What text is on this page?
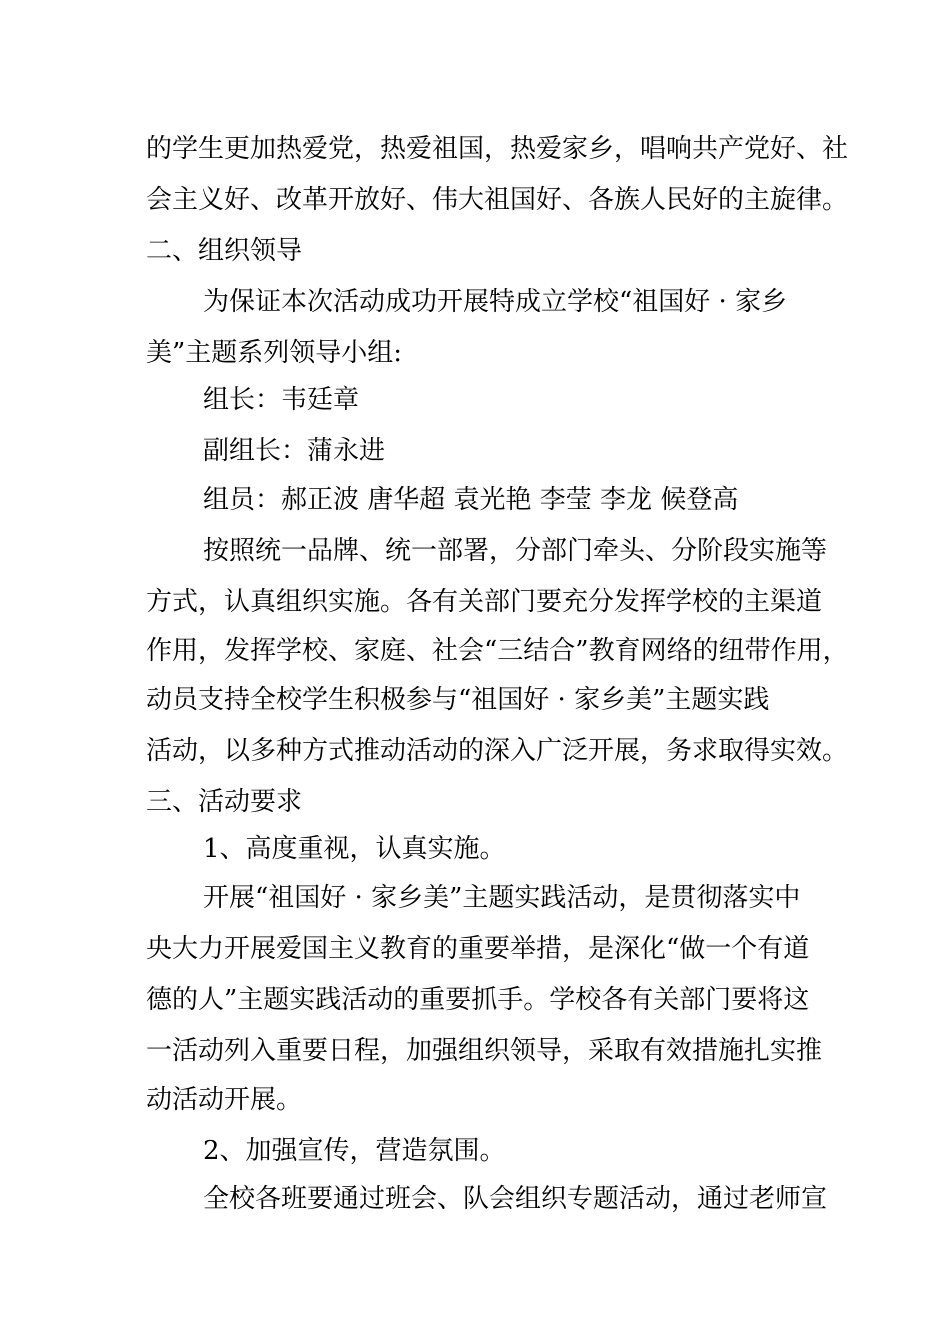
的学生更加热爱党，热爱祖国，热爱家乡，唱响共产党好、社
会主义好、改革开放好、伟大祖国好、各族人民好的主旋律。
二、组织领导
为保证本次活动成功开展特成立学校“祖国好 · 家乡
美”主题系列领导小组:
组长：韦廷章
副组长：蒲永进
组员：郝正波 唐华超 袁光艳 李莹 李龙 候登高
按照统一品牌、统一部署，分部门牵头、分阶段实施等
方式，认真组织实施。各有关部门要充分发挥学校的主渠道
作用，发挥学校、家庭、社会“三结合”教育网络的纽带作用，
动员支持全校学生积极参与“祖国好 · 家乡美”主题实践
活动，以多种方式推动活动的深入广泛开展，务求取得实效。
三、活动要求
1、高度重视，认真实施。
开展“祖国好 · 家乡美”主题实践活动，是贯彻落实中
央大力开展爱国主义教育的重要举措，是深化“做一个有道
德的人”主题实践活动的重要抓手。学校各有关部门要将这
一活动列入重要日程，加强组织领导，采取有效措施扎实推
动活动开展。
2、加强宣传，营造氛围。
全校各班要通过班会、队会组织专题活动，通过老师宣
